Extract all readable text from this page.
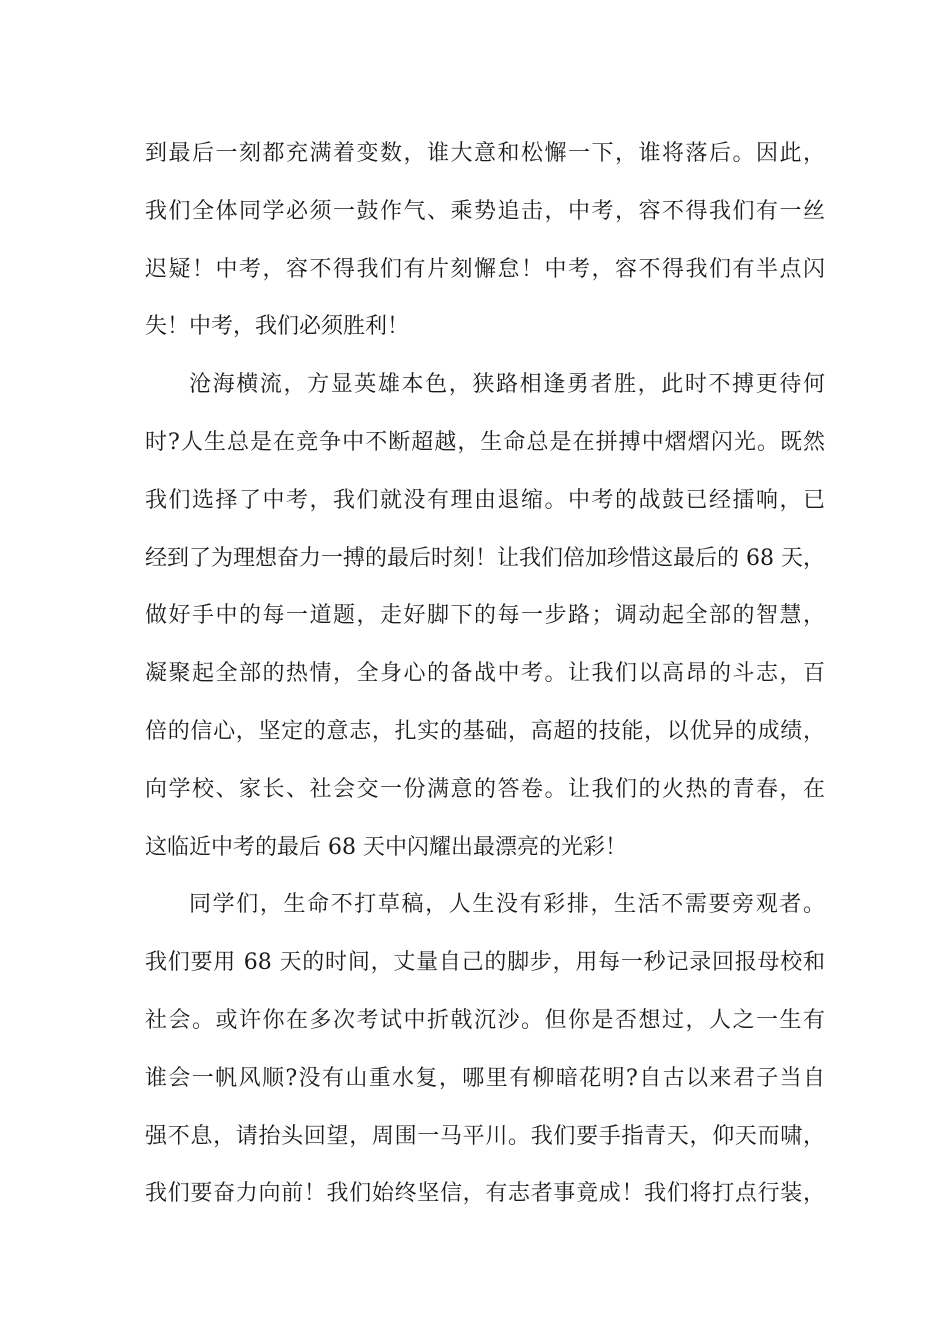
到最后一刻都充满着变数，谁大意和松懈一下，谁将落后。因此，
我们全体同学必须一鼓作气、乘势追击，中考，容不得我们有一丝
迟疑！中考，容不得我们有片刻懈怠！中考，容不得我们有半点闪
失！中考，我们必须胜利！
沧海横流，方显英雄本色，狭路相逢勇者胜，此时不搏更待何
时?人生总是在竞争中不断超越，生命总是在拼搏中熠熠闪光。既然
我们选择了中考，我们就没有理由退缩。中考的战鼓已经擂响，已
经到了为理想奋力一搏的最后时刻！让我们倍加珍惜这最后的 68 天，
做好手中的每一道题，走好脚下的每一步路；调动起全部的智慧，
凝聚起全部的热情，全身心的备战中考。让我们以高昂的斗志，百
倍的信心，坚定的意志，扎实的基础，高超的技能，以优异的成绩，
向学校、家长、社会交一份满意的答卷。让我们的火热的青春，在
这临近中考的最后 68 天中闪耀出最漂亮的光彩！
同学们，生命不打草稿，人生没有彩排，生活不需要旁观者。
我们要用 68 天的时间，丈量自己的脚步，用每一秒记录回报母校和
社会。或许你在多次考试中折戟沉沙。但你是否想过，人之一生有
谁会一帆风顺?没有山重水复，哪里有柳暗花明?自古以来君子当自
强不息，请抬头回望，周围一马平川。我们要手指青天，仰天而啸，
我们要奋力向前！我们始终坚信，有志者事竟成！我们将打点行装，
